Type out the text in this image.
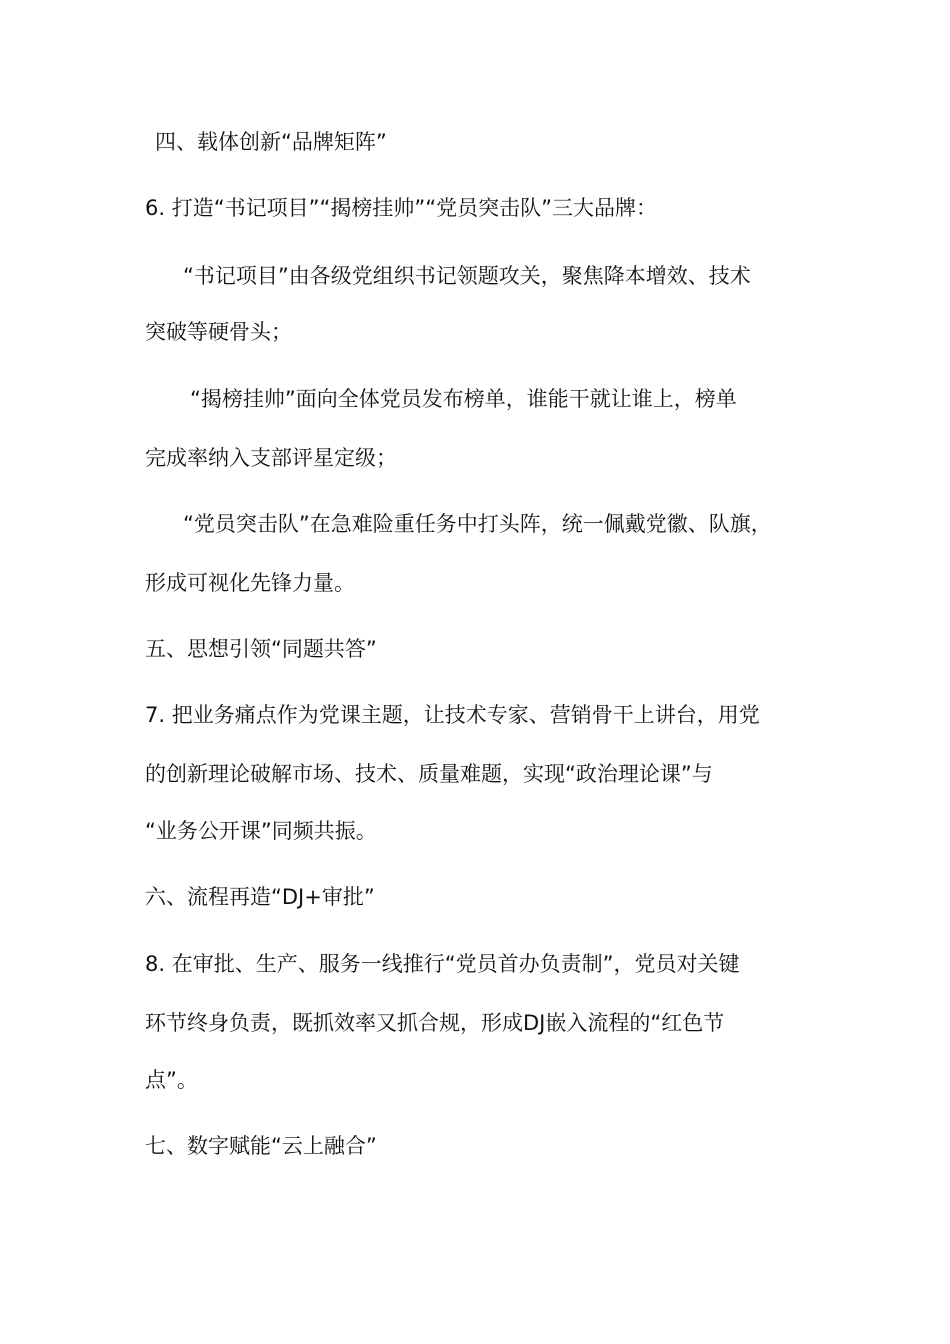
四、载体创新“品牌矩阵”

6. 打造“书记项目”“揭榜挂帅”“党员突击队”三大品牌：

“书记项目”由各级党组织书记领题攻关，聚焦降本增效、技术

突破等硬骨头；

“揭榜挂帅”面向全体党员发布榜单，谁能干就让谁上，榜单

完成率纳入支部评星定级；

“党员突击队”在急难险重任务中打头阵，统一佩戴党徽、队旗，

形成可视化先锋力量。

五、思想引领“同题共答”

7. 把业务痛点作为党课主题，让技术专家、营销骨干上讲台，用党

的创新理论破解市场、技术、质量难题，实现“政治理论课”与

“业务公开课”同频共振。

六、流程再造“DJ+审批”

8. 在审批、生产、服务一线推行“党员首办负责制”，党员对关键

环节终身负责，既抓效率又抓合规，形成DJ嵌入流程的“红色节

点”。

七、数字赋能“云上融合”
